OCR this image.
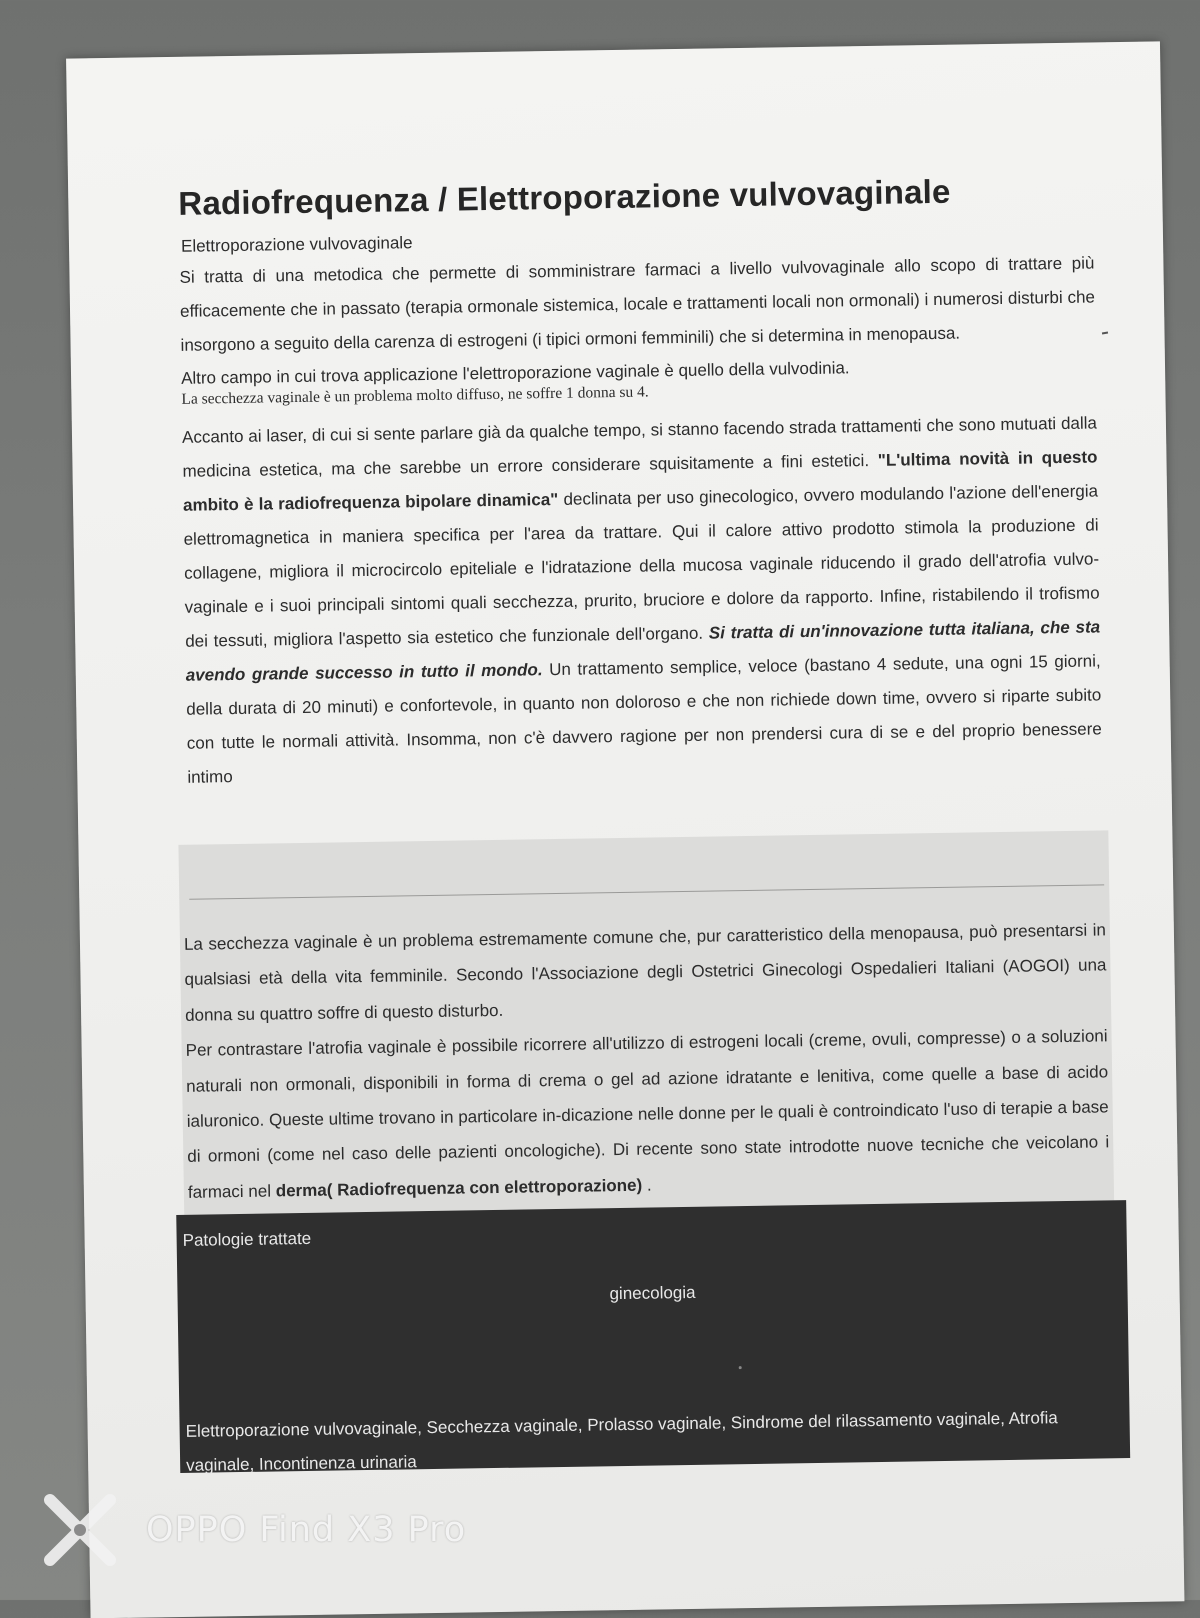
Radiofrequenza / Elettroporazione vulvovaginale
Elettroporazione vulvovaginale

Si tratta di una metodica che permette di somministrare farmaci a livello vulvovaginale allo scopo di trattare più efficacemente che in passato (terapia ormonale sistemica, locale e trattamenti locali non ormonali) i numerosi disturbi che insorgono a seguito della carenza di estrogeni (i tipici ormoni femminili) che si determina in menopausa.

Altro campo in cui trova applicazione l'elettroporazione vaginale è quello della vulvodinia.

La secchezza vaginale è un problema molto diffuso, ne soffre 1 donna su 4.

Accanto ai laser, di cui si sente parlare già da qualche tempo, si stanno facendo strada trattamenti che sono mutuati dalla medicina estetica, ma che sarebbe un errore considerare squisitamente a fini estetici. "L'ultima novità in questo ambito è la radiofrequenza bipolare dinamica" declinata per uso ginecologico, ovvero modulando l'azione dell'energia elettromagnetica in maniera specifica per l'area da trattare. Qui il calore attivo prodotto stimola la produzione di collagene, migliora il microcircolo epiteliale e l'idratazione della mucosa vaginale riducendo il grado dell'atrofia vulvo-vaginale e i suoi principali sintomi quali secchezza, prurito, bruciore e dolore da rapporto. Infine, ristabilendo il trofismo dei tessuti, migliora l'aspetto sia estetico che funzionale dell'organo. Si tratta di un'innovazione tutta italiana, che sta avendo grande successo in tutto il mondo. Un trattamento semplice, veloce (bastano 4 sedute, una ogni 15 giorni, della durata di 20 minuti) e confortevole, in quanto non doloroso e che non richiede down time, ovvero si riparte subito con tutte le normali attività. Insomma, non c'è davvero ragione per non prendersi cura di se e del proprio benessere intimo

La secchezza vaginale è un problema estremamente comune che, pur caratteristico della menopausa, può presentarsi in qualsiasi età della vita femminile. Secondo l'Associazione degli Ostetrici Ginecologi Ospedalieri Italiani (AOGOI) una donna su quattro soffre di questo disturbo.

Per contrastare l'atrofia vaginale è possibile ricorrere all'utilizzo di estrogeni locali (creme, ovuli, compresse) o a soluzioni naturali non ormonali, disponibili in forma di crema o gel ad azione idratante e lenitiva, come quelle a base di acido ialuronico. Queste ultime trovano in particolare in-dicazione nelle donne per le quali è controindicato l'uso di terapie a base di ormoni (come nel caso delle pazienti oncologiche). Di recente sono state introdotte nuove tecniche che veicolano i farmaci nel derma( Radiofrequenza con elettroporazione) .

Patologie trattate
ginecologia
Elettroporazione vulvovaginale, Secchezza vaginale, Prolasso vaginale, Sindrome del rilassamento vaginale, Atrofia vaginale, Incontinenza urinaria
OPPO Find X3 Pro
